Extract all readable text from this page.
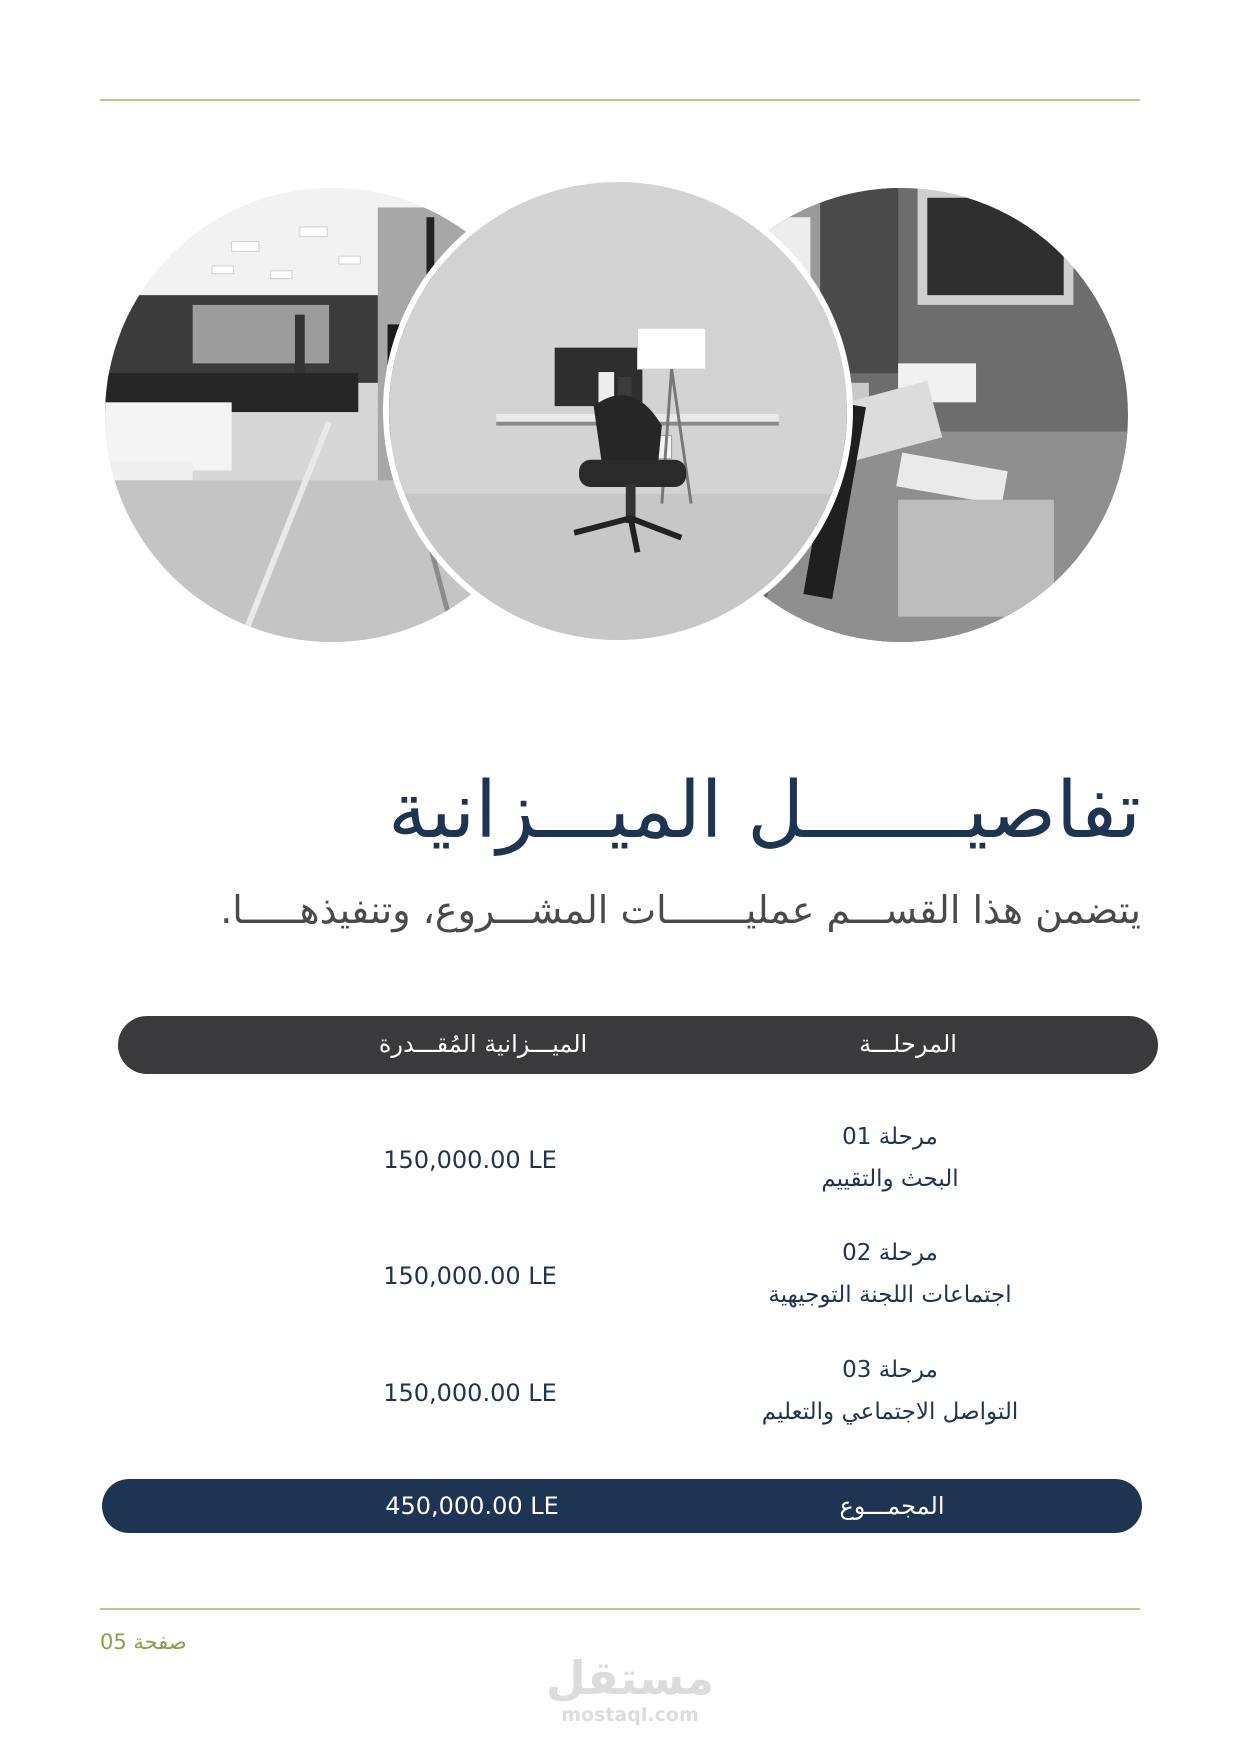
تفاصيـــــــل الميـــزانية

يتضمن هذا القســـم عمليـــــــات المشـــروع، وتنفيذهـــــا.

المرحلـــة
الميـــزانية المُقـــدرة
مرحلة 01
البحث والتقييم
150,000.00 LE
مرحلة 02
اجتماعات اللجنة التوجيهية
150,000.00 LE
مرحلة 03
التواصل الاجتماعي والتعليم
150,000.00 LE
المجمـــوع
450,000.00 LE
صفحة 05
مستقل
mostaql.com
